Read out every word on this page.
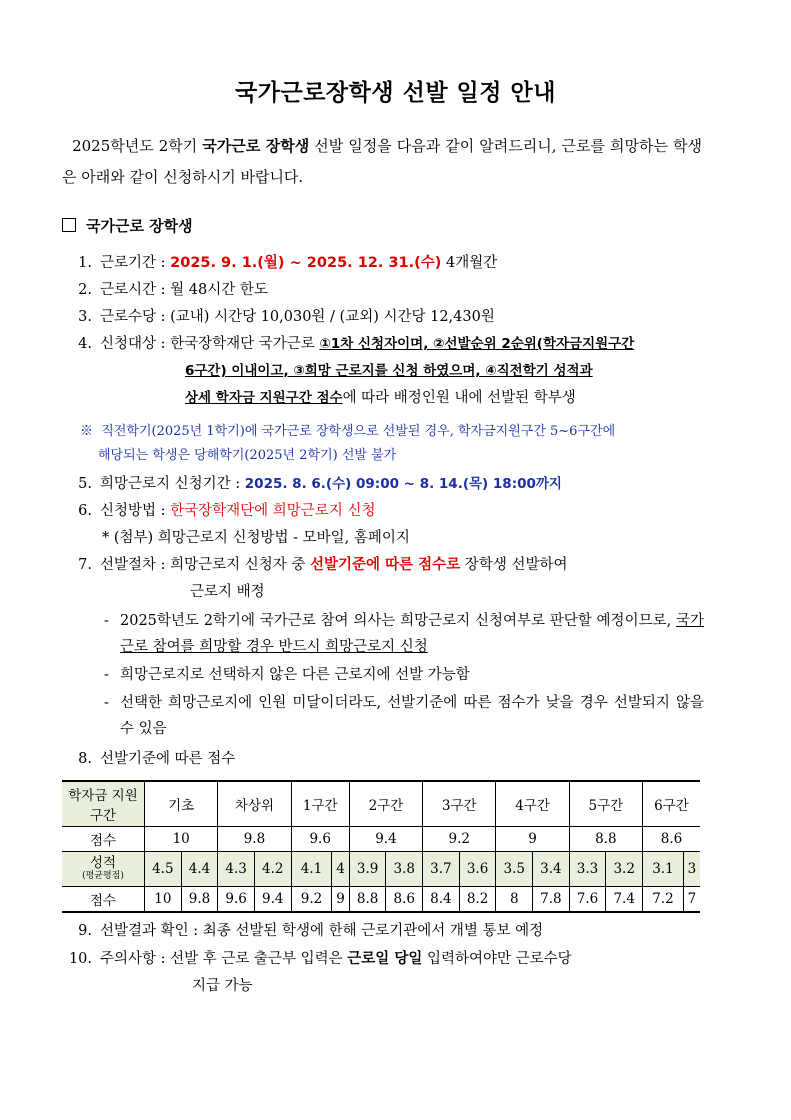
국가근로장학생 선발 일정 안내
2025학년도 2학기 국가근로 장학생 선발 일정을 다음과 같이 알려드리니, 근로를 희망하는 학생은 아래와 같이 신청하시기 바랍니다.
국가근로 장학생
1. 근로기간 : 2025. 9. 1.(월) ~ 2025. 12. 31.(수) 4개월간
2. 근로시간 : 월 48시간 한도
3. 근로수당 : (교내) 시간당 10,030원 / (교외) 시간당 12,430원
4. 신청대상 : 한국장학재단 국가근로 ①1차 신청자이며, ②선발순위 2순위(학자금지원구간
6구간) 이내이고, ③희망 근로지를 신청 하였으며, ④직전학기 성적과
상세 학자금 지원구간 점수에 따라 배정인원 내에 선발된 학부생
※ 직전학기(2025년 1학기)에 국가근로 장학생으로 선발된 경우, 학자금지원구간 5~6구간에
해당되는 학생은 당해학기(2025년 2학기) 선발 불가
5. 희망근로지 신청기간 : 2025. 8. 6.(수) 09:00 ~ 8. 14.(목) 18:00까지
6. 신청방법 : 한국장학재단에 희망근로지 신청
* (첨부) 희망근로지 신청방법 - 모바일, 홈페이지
7. 선발절차 : 희망근로지 신청자 중 선발기준에 따른 점수로 장학생 선발하여
근로지 배정
- 2025학년도 2학기에 국가근로 참여 의사는 희망근로지 신청여부로 판단할 예정이므로, 국가근로 참여를 희망할 경우 반드시 희망근로지 신청
- 희망근로지로 선택하지 않은 다른 근로지에 선발 가능함
- 선택한 희망근로지에 인원 미달이더라도, 선발기준에 따른 점수가 낮을 경우 선발되지 않을 수 있음
8. 선발기준에 따른 점수
학자금 지원구간	기초		차상위		1구간		2구간		3구간		4구간		5구간		6구간	
점수	10		9.8		9.6		9.4		9.2		9		8.8		8.6	
성적
(평균평점)	4.5	4.4	4.3	4.2	4.1	4	3.9	3.8	3.7	3.6	3.5	3.4	3.3	3.2	3.1	3
점수	10	9.8	9.6	9.4	9.2	9	8.8	8.6	8.4	8.2	8	7.8	7.6	7.4	7.2	7
9. 선발결과 확인 : 최종 선발된 학생에 한해 근로기관에서 개별 통보 예정
10. 주의사항 : 선발 후 근로 출근부 입력은 근로일 당일 입력하여야만 근로수당
지급 가능
